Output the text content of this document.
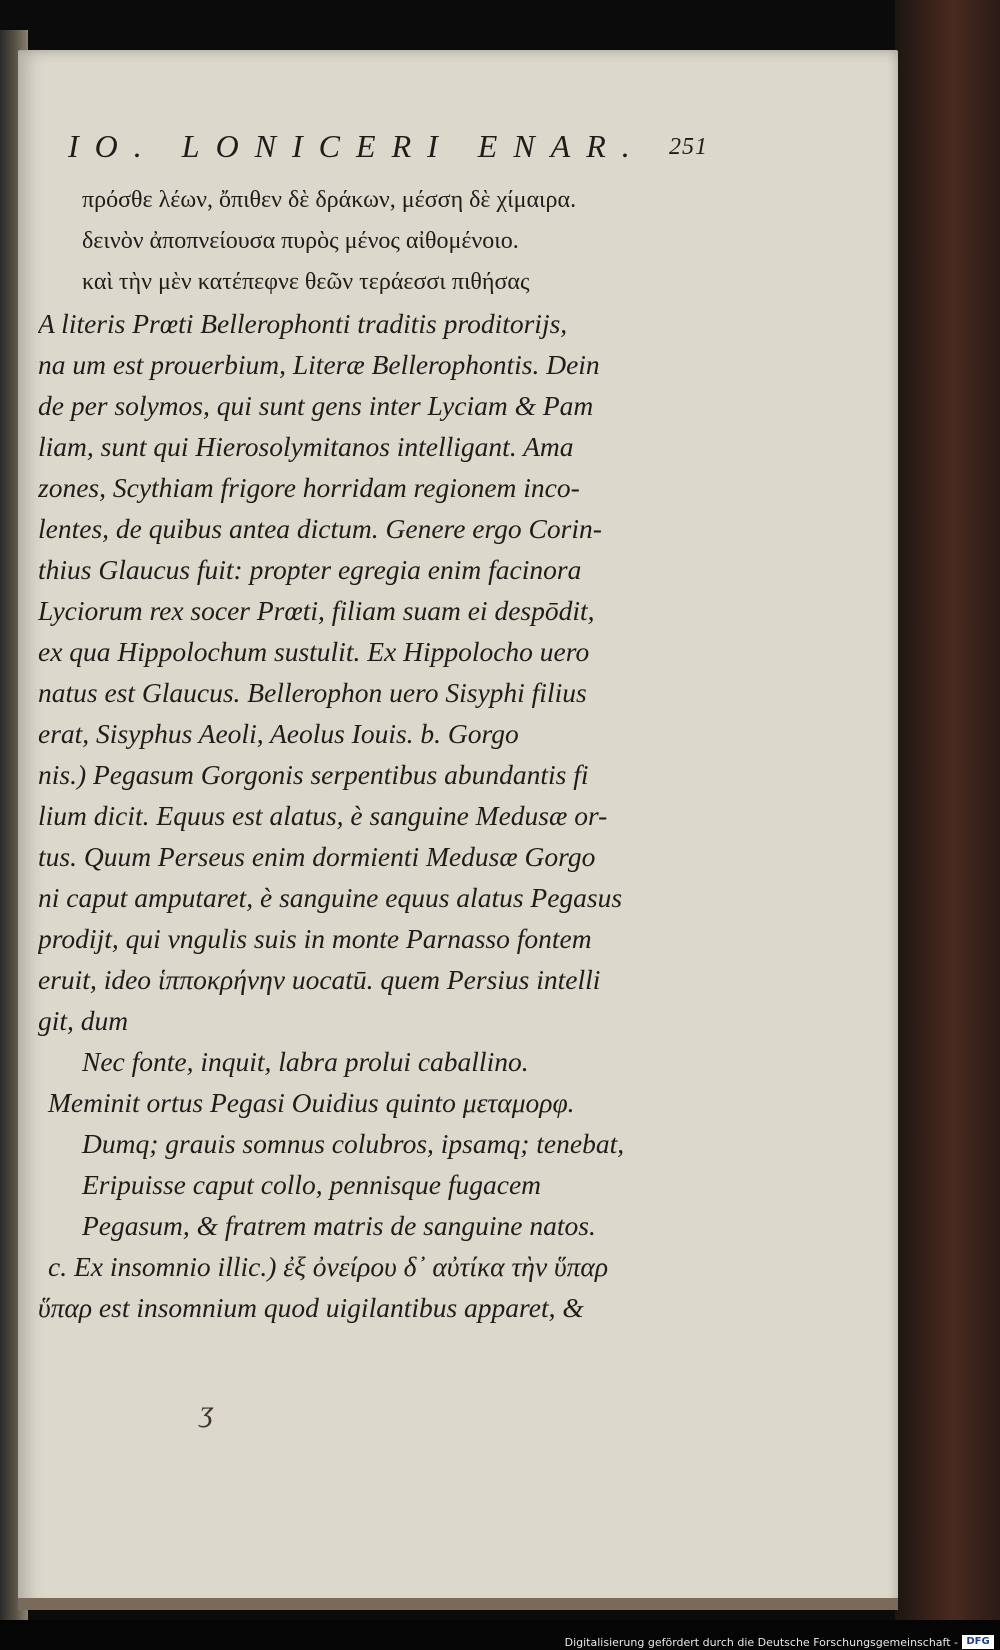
IO. LONICERI ENAR. 251
πρόσθε λέων, ὄπιθεν δὲ δράκων, μέσση δὲ χίμαιρα.
δεινὸν ἀποπνείουσα πυρὸς μένος αἰθομένοιο.
καὶ τὴν μὲν κατέπεφνε θεῶν τεράεσσι πιθήσας
A literis Prœti Bellerophonti traditis proditorijs,
na um est prouerbium, Literæ Bellerophontis. Dein
de per solymos, qui sunt gens inter Lyciam & Pam
liam, sunt qui Hierosolymitanos intelligant. Ama
zones, Scythiam frigore horridam regionem inco-
lentes, de quibus antea dictum. Genere ergo Corin-
thius Glaucus fuit: propter egregia enim facinora
Lyciorum rex socer Prœti, filiam suam ei despōdit,
ex qua Hippolochum sustulit. Ex Hippolocho uero
natus est Glaucus. Bellerophon uero Sisyphi filius
erat, Sisyphus Aeoli, Aeolus Iouis. b. Gorgo
nis.) Pegasum Gorgonis serpentibus abundantis fi
lium dicit. Equus est alatus, è sanguine Medusæ or-
tus. Quum Perseus enim dormienti Medusæ Gorgo
ni caput amputaret, è sanguine equus alatus Pegasus
prodijt, qui vngulis suis in monte Parnasso fontem
eruit, ideo ἱπποκρήνην uocatū. quem Persius intelli
git, dum
Nec fonte, inquit, labra prolui caballino.
Meminit ortus Pegasi Ouidius quinto μεταμορφ.
Dumq; grauis somnus colubros, ipsamq; tenebat,
Eripuisse caput collo, pennisque fugacem
Pegasum, & fratrem matris de sanguine natos.
c. Ex insomnio illic.) ἐξ ὀνείρου δ᾽ αὐτίκα τὴν ὕπαρ
ὕπαρ est insomnium quod uigilantibus apparet, &
ʒ
Digitalisierung gefördert durch die Deutsche Forschungsgemeinschaft - DFG
